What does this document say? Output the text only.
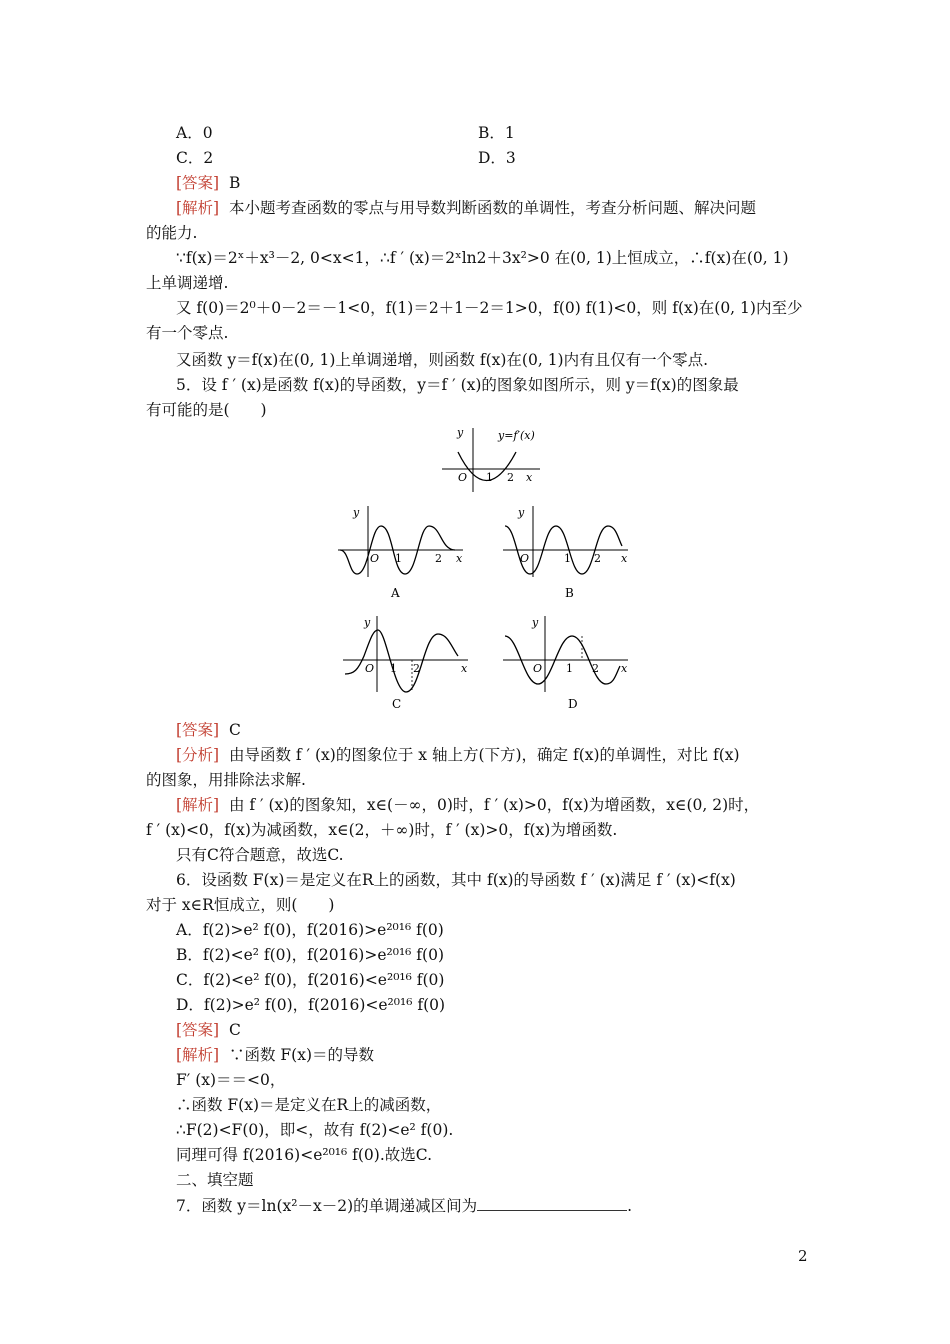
A．0	B．1
C．2	D．3
[答案] B
[解析] 本小题考查函数的零点与用导数判断函数的单调性，考查分析问题、解决问题
的能力.
∵f(x)＝2ˣ＋x³－2, 0<x<1，∴f ′ (x)＝2ˣln2＋3x²>0 在(0, 1)上恒成立，∴f(x)在(0, 1)
上单调递增.
又 f(0)＝2⁰＋0－2＝－1<0，f(1)＝2＋1－2＝1>0，f(0) f(1)<0，则 f(x)在(0, 1)内至少
有一个零点.
又函数 y＝f(x)在(0, 1)上单调递增，则函数 f(x)在(0, 1)内有且仅有一个零点.
5．设 f ′ (x)是函数 f(x)的导函数，y＝f ′ (x)的图象如图所示，则 y＝f(x)的图象最
有可能的是(　　)
y	y=f′(x)
O 1 2 x
y
O 1	2 x
A
y
O	1 2 x
B
y
O 1 2	x
C
y
O 1 2 x
D
[答案] C
[分析] 由导函数 f ′ (x)的图象位于 x 轴上方(下方)，确定 f(x)的单调性，对比 f(x)
的图象，用排除法求解.
[解析] 由 f ′ (x)的图象知，x∈(－∞，0)时，f ′ (x)>0，f(x)为增函数，x∈(0, 2)时，
f ′ (x)<0，f(x)为减函数，x∈(2，＋∞)时，f ′ (x)>0，f(x)为增函数.
只有C符合题意，故选C.
6．设函数 F(x)＝是定义在R上的函数，其中 f(x)的导函数 f ′ (x)满足 f ′ (x)<f(x)
对于 x∈R恒成立，则(　　)
A．f(2)>e² f(0)，f(2016)>e²⁰¹⁶ f(0)
B．f(2)<e² f(0)，f(2016)>e²⁰¹⁶ f(0)
C．f(2)<e² f(0)，f(2016)<e²⁰¹⁶ f(0)
D．f(2)>e² f(0)，f(2016)<e²⁰¹⁶ f(0)
[答案] C
[解析] ∵函数 F(x)＝的导数
F′ (x)＝＝<0，
∴函数 F(x)＝是定义在R上的减函数，
∴F(2)<F(0)，即<，故有 f(2)<e² f(0).
同理可得 f(2016)<e²⁰¹⁶ f(0).故选C.
二、填空题
7．函数 y＝ln(x²－x－2)的单调递减区间为	.
2
